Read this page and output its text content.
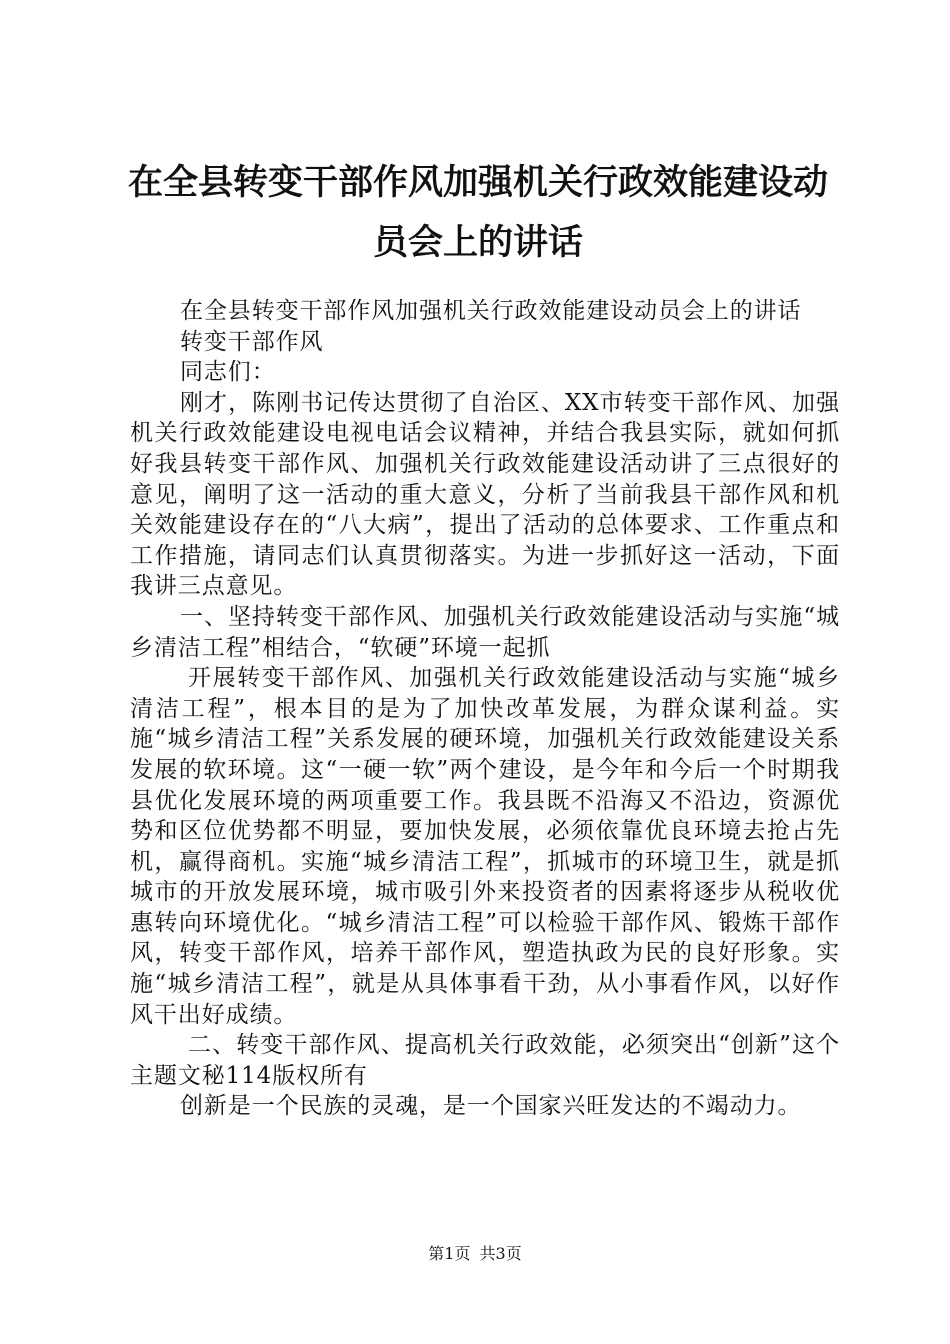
在全县转变干部作风加强机关行政效能建设动
员会上的讲话

在全县转变干部作风加强机关行政效能建设动员会上的讲话

转变干部作风

同志们：

刚才，陈刚书记传达贯彻了自治区、XX市转变干部作风、加强机关行政效能建设电视电话会议精神，并结合我县实际，就如何抓好我县转变干部作风、加强机关行政效能建设活动讲了三点很好的意见，阐明了这一活动的重大意义，分析了当前我县干部作风和机关效能建设存在的“八大病”，提出了活动的总体要求、工作重点和工作措施，请同志们认真贯彻落实。为进一步抓好这一活动，下面我讲三点意见。

一、坚持转变干部作风、加强机关行政效能建设活动与实施“城乡清洁工程”相结合，“软硬”环境一起抓

开展转变干部作风、加强机关行政效能建设活动与实施“城乡清洁工程”，根本目的是为了加快改革发展，为群众谋利益。实施“城乡清洁工程”关系发展的硬环境，加强机关行政效能建设关系发展的软环境。这“一硬一软”两个建设，是今年和今后一个时期我县优化发展环境的两项重要工作。我县既不沿海又不沿边，资源优势和区位优势都不明显，要加快发展，必须依靠优良环境去抢占先机，赢得商机。实施“城乡清洁工程”，抓城市的环境卫生，就是抓城市的开放发展环境，城市吸引外来投资者的因素将逐步从税收优惠转向环境优化。“城乡清洁工程”可以检验干部作风、锻炼干部作风，转变干部作风，培养干部作风，塑造执政为民的良好形象。实施“城乡清洁工程”，就是从具体事看干劲，从小事看作风，以好作风干出好成绩。

二、转变干部作风、提高机关行政效能，必须突出“创新”这个主题文秘114版权所有

创新是一个民族的灵魂，是一个国家兴旺发达的不竭动力。

第1页 共3页
